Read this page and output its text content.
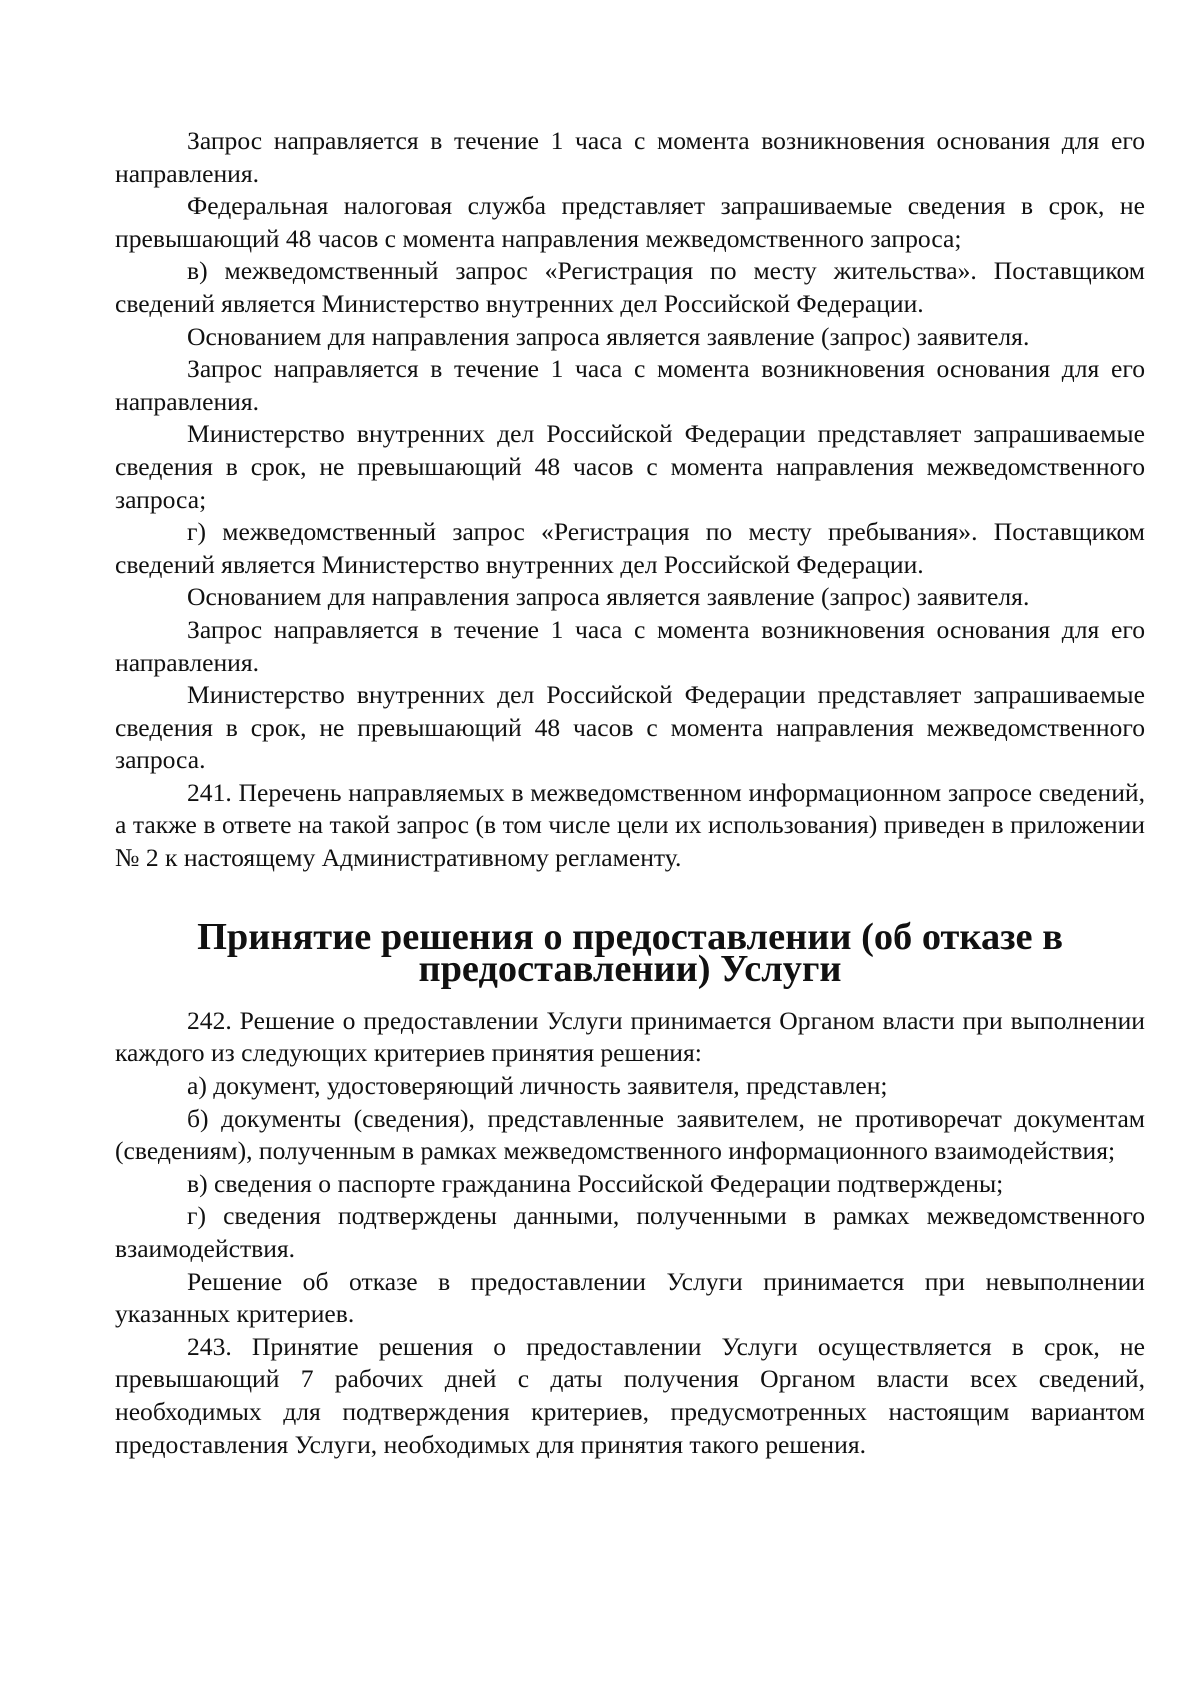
Запрос направляется в течение 1 часа с момента возникновения основания для его направления.

Федеральная налоговая служба представляет запрашиваемые сведения в срок, не превышающий 48 часов с момента направления межведомственного запроса;

в) межведомственный запрос «Регистрация по месту жительства». Поставщиком сведений является Министерство внутренних дел Российской Федерации.

Основанием для направления запроса является заявление (запрос) заявителя.

Запрос направляется в течение 1 часа с момента возникновения основания для его направления.

Министерство внутренних дел Российской Федерации представляет запрашиваемые сведения в срок, не превышающий 48 часов с момента направления межведомственного запроса;

г) межведомственный запрос «Регистрация по месту пребывания». Поставщиком сведений является Министерство внутренних дел Российской Федерации.

Основанием для направления запроса является заявление (запрос) заявителя.

Запрос направляется в течение 1 часа с момента возникновения основания для его направления.

Министерство внутренних дел Российской Федерации представляет запрашиваемые сведения в срок, не превышающий 48 часов с момента направления межведомственного запроса.

241. Перечень направляемых в межведомственном информационном запросе сведений, а также в ответе на такой запрос (в том числе цели их использования) приведен в приложении № 2 к настоящему Административному регламенту.

Принятие решения о предоставлении (об отказе в предоставлении) Услуги

242. Решение о предоставлении Услуги принимается Органом власти при выполнении каждого из следующих критериев принятия решения:

а) документ, удостоверяющий личность заявителя, представлен;

б) документы (сведения), представленные заявителем, не противоречат документам (сведениям), полученным в рамках межведомственного информационного взаимодействия;

в) сведения о паспорте гражданина Российской Федерации подтверждены;

г) сведения подтверждены данными, полученными в рамках межведомственного взаимодействия.

Решение об отказе в предоставлении Услуги принимается при невыполнении указанных критериев.

243. Принятие решения о предоставлении Услуги осуществляется в срок, не превышающий 7 рабочих дней с даты получения Органом власти всех сведений, необходимых для подтверждения критериев, предусмотренных настоящим вариантом предоставления Услуги, необходимых для принятия такого решения.
